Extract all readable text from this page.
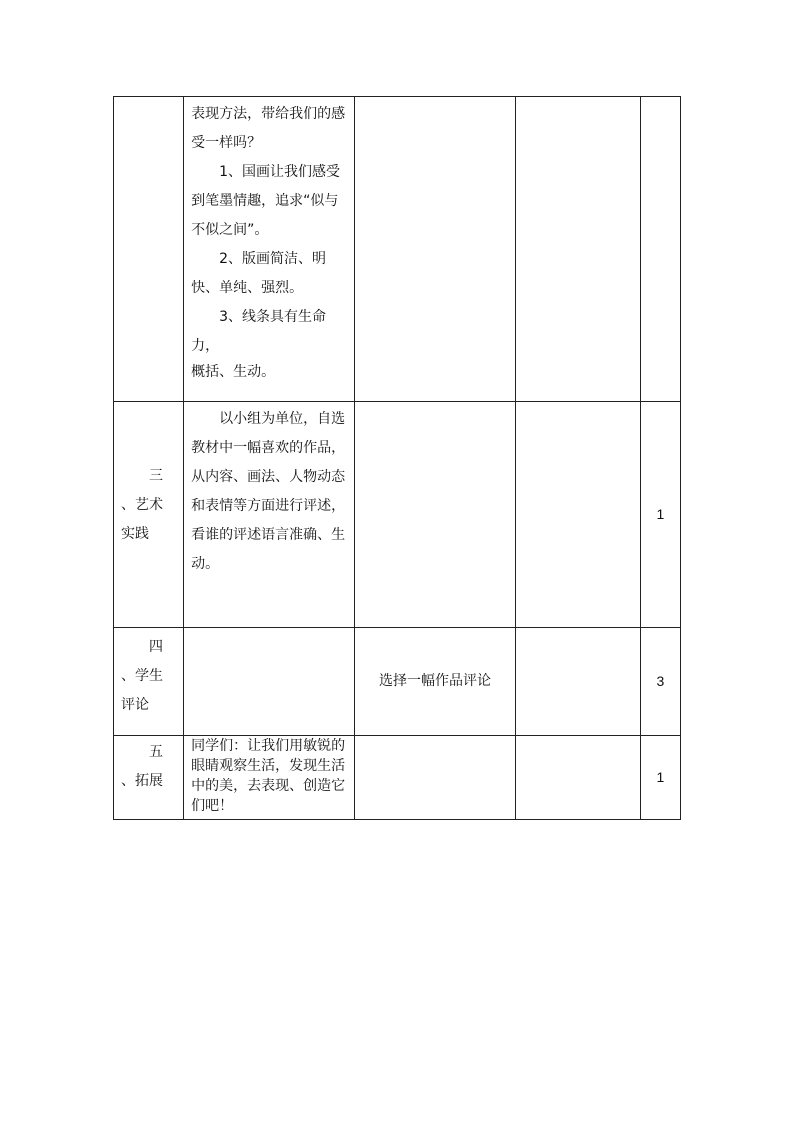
	表现方法，带给我们的感受一样吗？

1、国画让我们感受到笔墨情趣，追求“似与不似之间”。

2、版画简洁、明快、单纯、强烈。

3、线条具有生命力，

概括、生动。			

三
、艺术
实践	以小组为单位，自选教材中一幅喜欢的作品，从内容、画法、人物动态和表情等方面进行评述，看谁的评述语言准确、生动。			1

四
、学生
评论		选择一幅作品评论		3

五
、拓展	同学们：让我们用敏锐的眼睛观察生活，发现生活中的美，去表现、创造它们吧！			1
